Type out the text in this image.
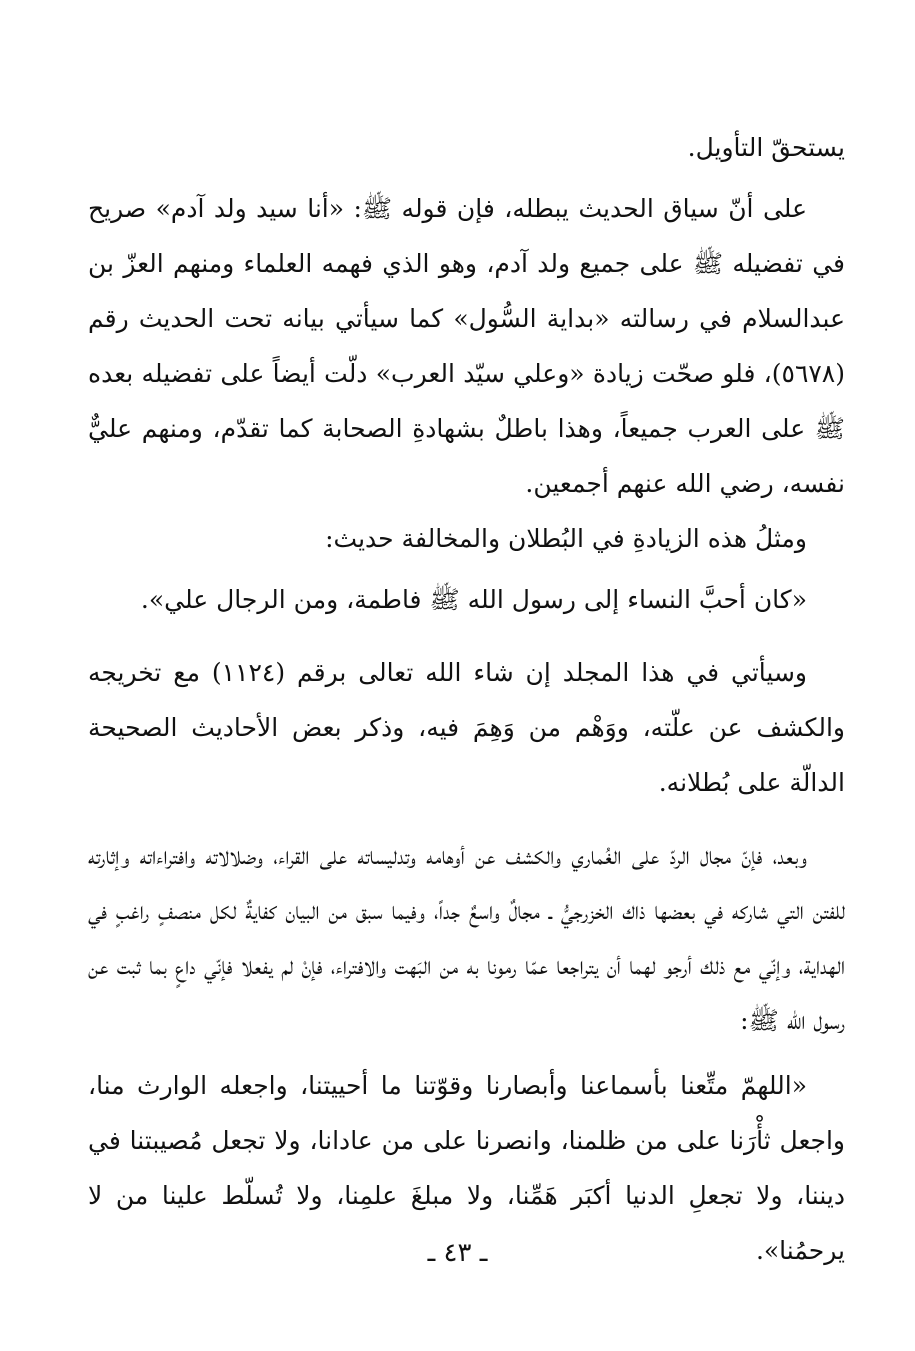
يستحقّ التأويل.

على أنّ سياق الحديث يبطله، فإن قوله ﷺ: «أنا سيد ولد آدم» صريح في تفضيله ﷺ على جميع ولد آدم، وهو الذي فهمه العلماء ومنهم العزّ بن عبدالسلام في رسالته «بداية السُّول» كما سيأتي بيانه تحت الحديث رقم (٥٦٧٨)، فلو صحّت زيادة «وعلي سيّد العرب» دلّت أيضاً على تفضيله بعده ﷺ على العرب جميعاً، وهذا باطلٌ بشهادةِ الصحابة كما تقدّم، ومنهم عليٌّ نفسه، رضي الله عنهم أجمعين.

ومثلُ هذه الزيادةِ في البُطلان والمخالفة حديث:

«كان أحبَّ النساء إلى رسول الله ﷺ فاطمة، ومن الرجال علي».

وسيأتي في هذا المجلد إن شاء الله تعالى برقم (١١٢٤) مع تخريجه والكشف عن علّته، ووَهْم من وَهِمَ فيه، وذكر بعض الأحاديث الصحيحة الدالّة على بُطلانه.

وبعد، فإنّ مجال الردّ على الغُماري والكشف عن أوهامه وتدليساته على القراء، وضلالاته وافتراءاته وإثارته للفتن التي شاركه في بعضها ذاك الخزرجيُّ ـ مجالٌ واسعٌ جداً، وفيما سبق من البيان كفايةٌ لكل منصفٍ راغبٍ في الهداية، وإنّي مع ذلك أرجو لهما أن يتراجعا عمّا رمونا به من البَهت والافتراء، فإنْ لم يفعلا فإنّي داعٍ بما ثبت عن رسول الله ﷺ:

«اللهمّ متِّعنا بأسماعنا وأبصارنا وقوّتنا ما أحييتنا، واجعله الوارث منا، واجعل ثأْرَنا على من ظلمنا، وانصرنا على من عادانا، ولا تجعل مُصيبتنا في ديننا، ولا تجعلِ الدنيا أكبَر هَمِّنا، ولا مبلغَ علمِنا، ولا تُسلّط علينا من لا يرحمُنا».

ـ ٤٣ ـ
